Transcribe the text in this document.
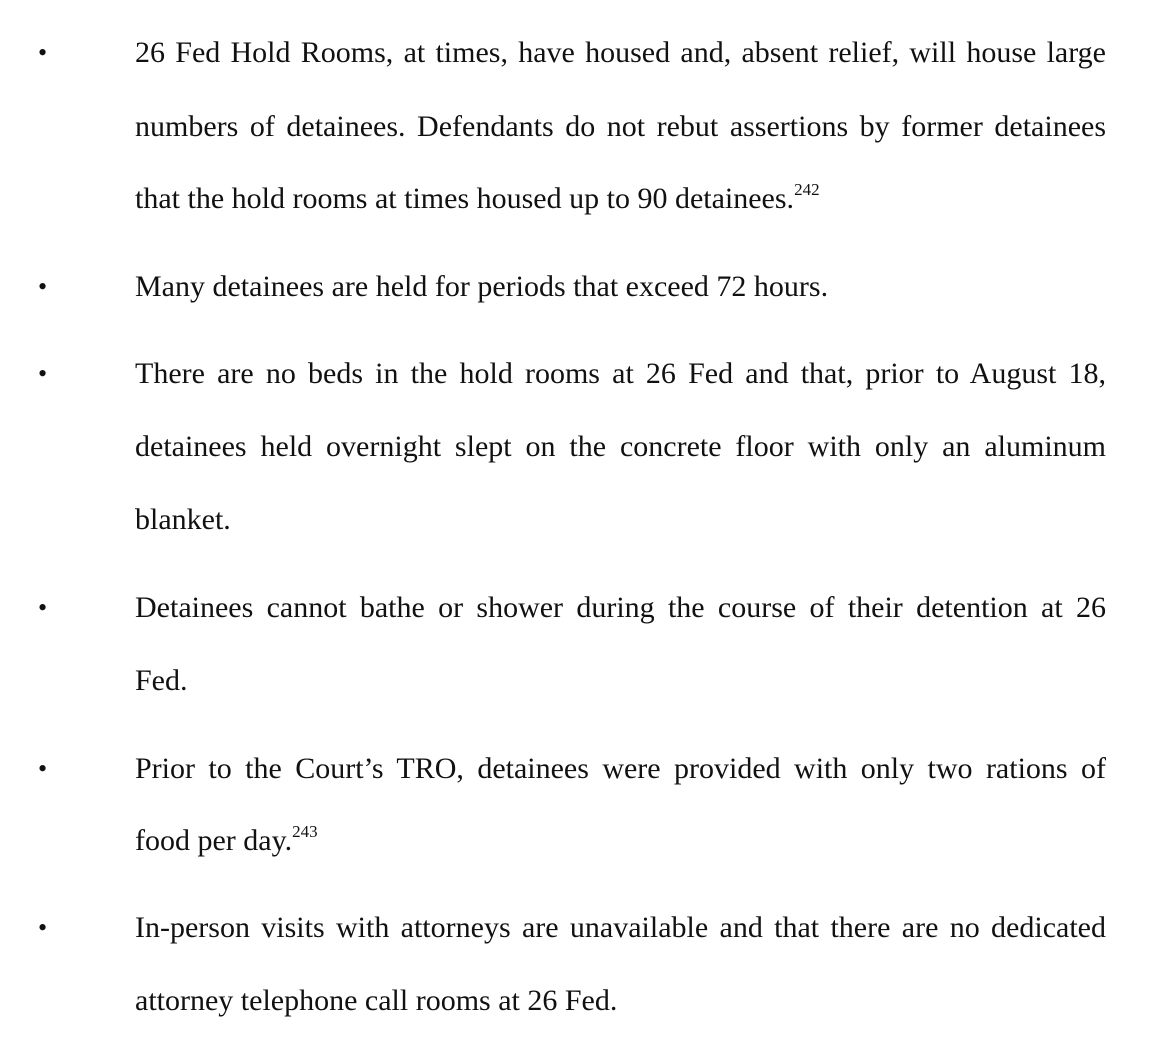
•	26 Fed Hold Rooms, at times, have housed and, absent relief, will house large
numbers of detainees. Defendants do not rebut assertions by former detainees
that the hold rooms at times housed up to 90 detainees.$^{242}$
•	Many detainees are held for periods that exceed 72 hours.
•	There are no beds in the hold rooms at 26 Fed and that, prior to August 18,
detainees held overnight slept on the concrete floor with only an aluminum
blanket.
•	Detainees cannot bathe or shower during the course of their detention at 26
Fed.
•	Prior to the Court’s TRO, detainees were provided with only two rations of
food per day.$^{243}$
•	In-person visits with attorneys are unavailable and that there are no dedicated
attorney telephone call rooms at 26 Fed.
